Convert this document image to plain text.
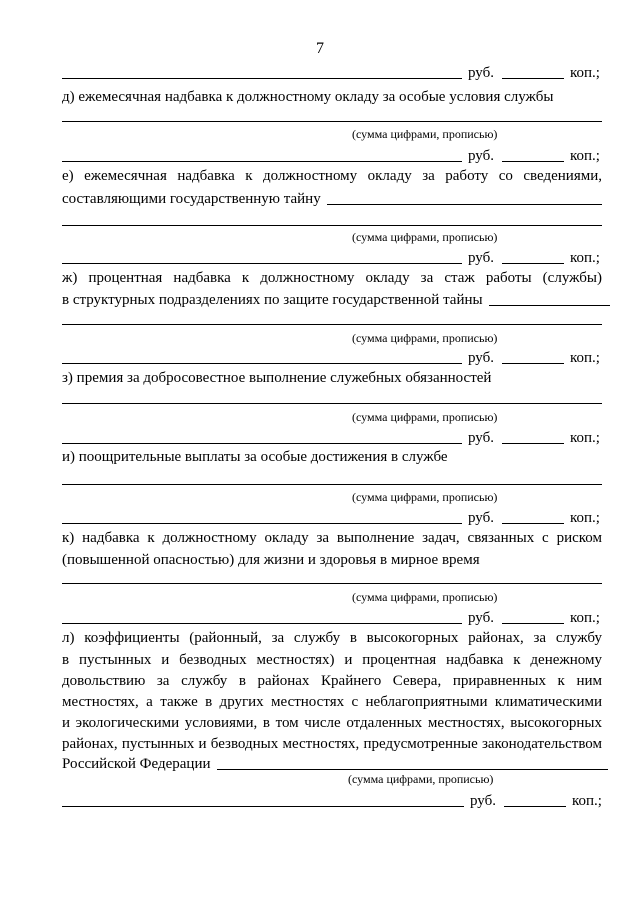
7
руб.	коп.;
д) ежемесячная надбавка к должностному окладу за особые условия службы
(сумма цифрами, прописью)
руб.	коп.;
е) ежемесячная надбавка к должностному окладу за работу со сведениями,
составляющими государственную тайну
(сумма цифрами, прописью)
руб.	коп.;
ж) процентная надбавка к должностному окладу за стаж работы (службы)
в структурных подразделениях по защите государственной тайны
(сумма цифрами, прописью)
руб.	коп.;
з) премия за добросовестное выполнение служебных обязанностей
(сумма цифрами, прописью)
руб.	коп.;
и) поощрительные выплаты за особые достижения в службе
(сумма цифрами, прописью)
руб.	коп.;
к) надбавка к должностному окладу за выполнение задач, связанных с риском
(повышенной опасностью) для жизни и здоровья в мирное время
(сумма цифрами, прописью)
руб.	коп.;
л) коэффициенты (районный, за службу в высокогорных районах, за службу
в пустынных и безводных местностях) и процентная надбавка к денежному
довольствию за службу в районах Крайнего Севера, приравненных к ним
местностях, а также в других местностях с неблагоприятными климатическими
и экологическими условиями, в том числе отдаленных местностях, высокогорных
районах, пустынных и безводных местностях, предусмотренные законодательством
Российской Федерации
(сумма цифрами, прописью)
руб.	коп.;
